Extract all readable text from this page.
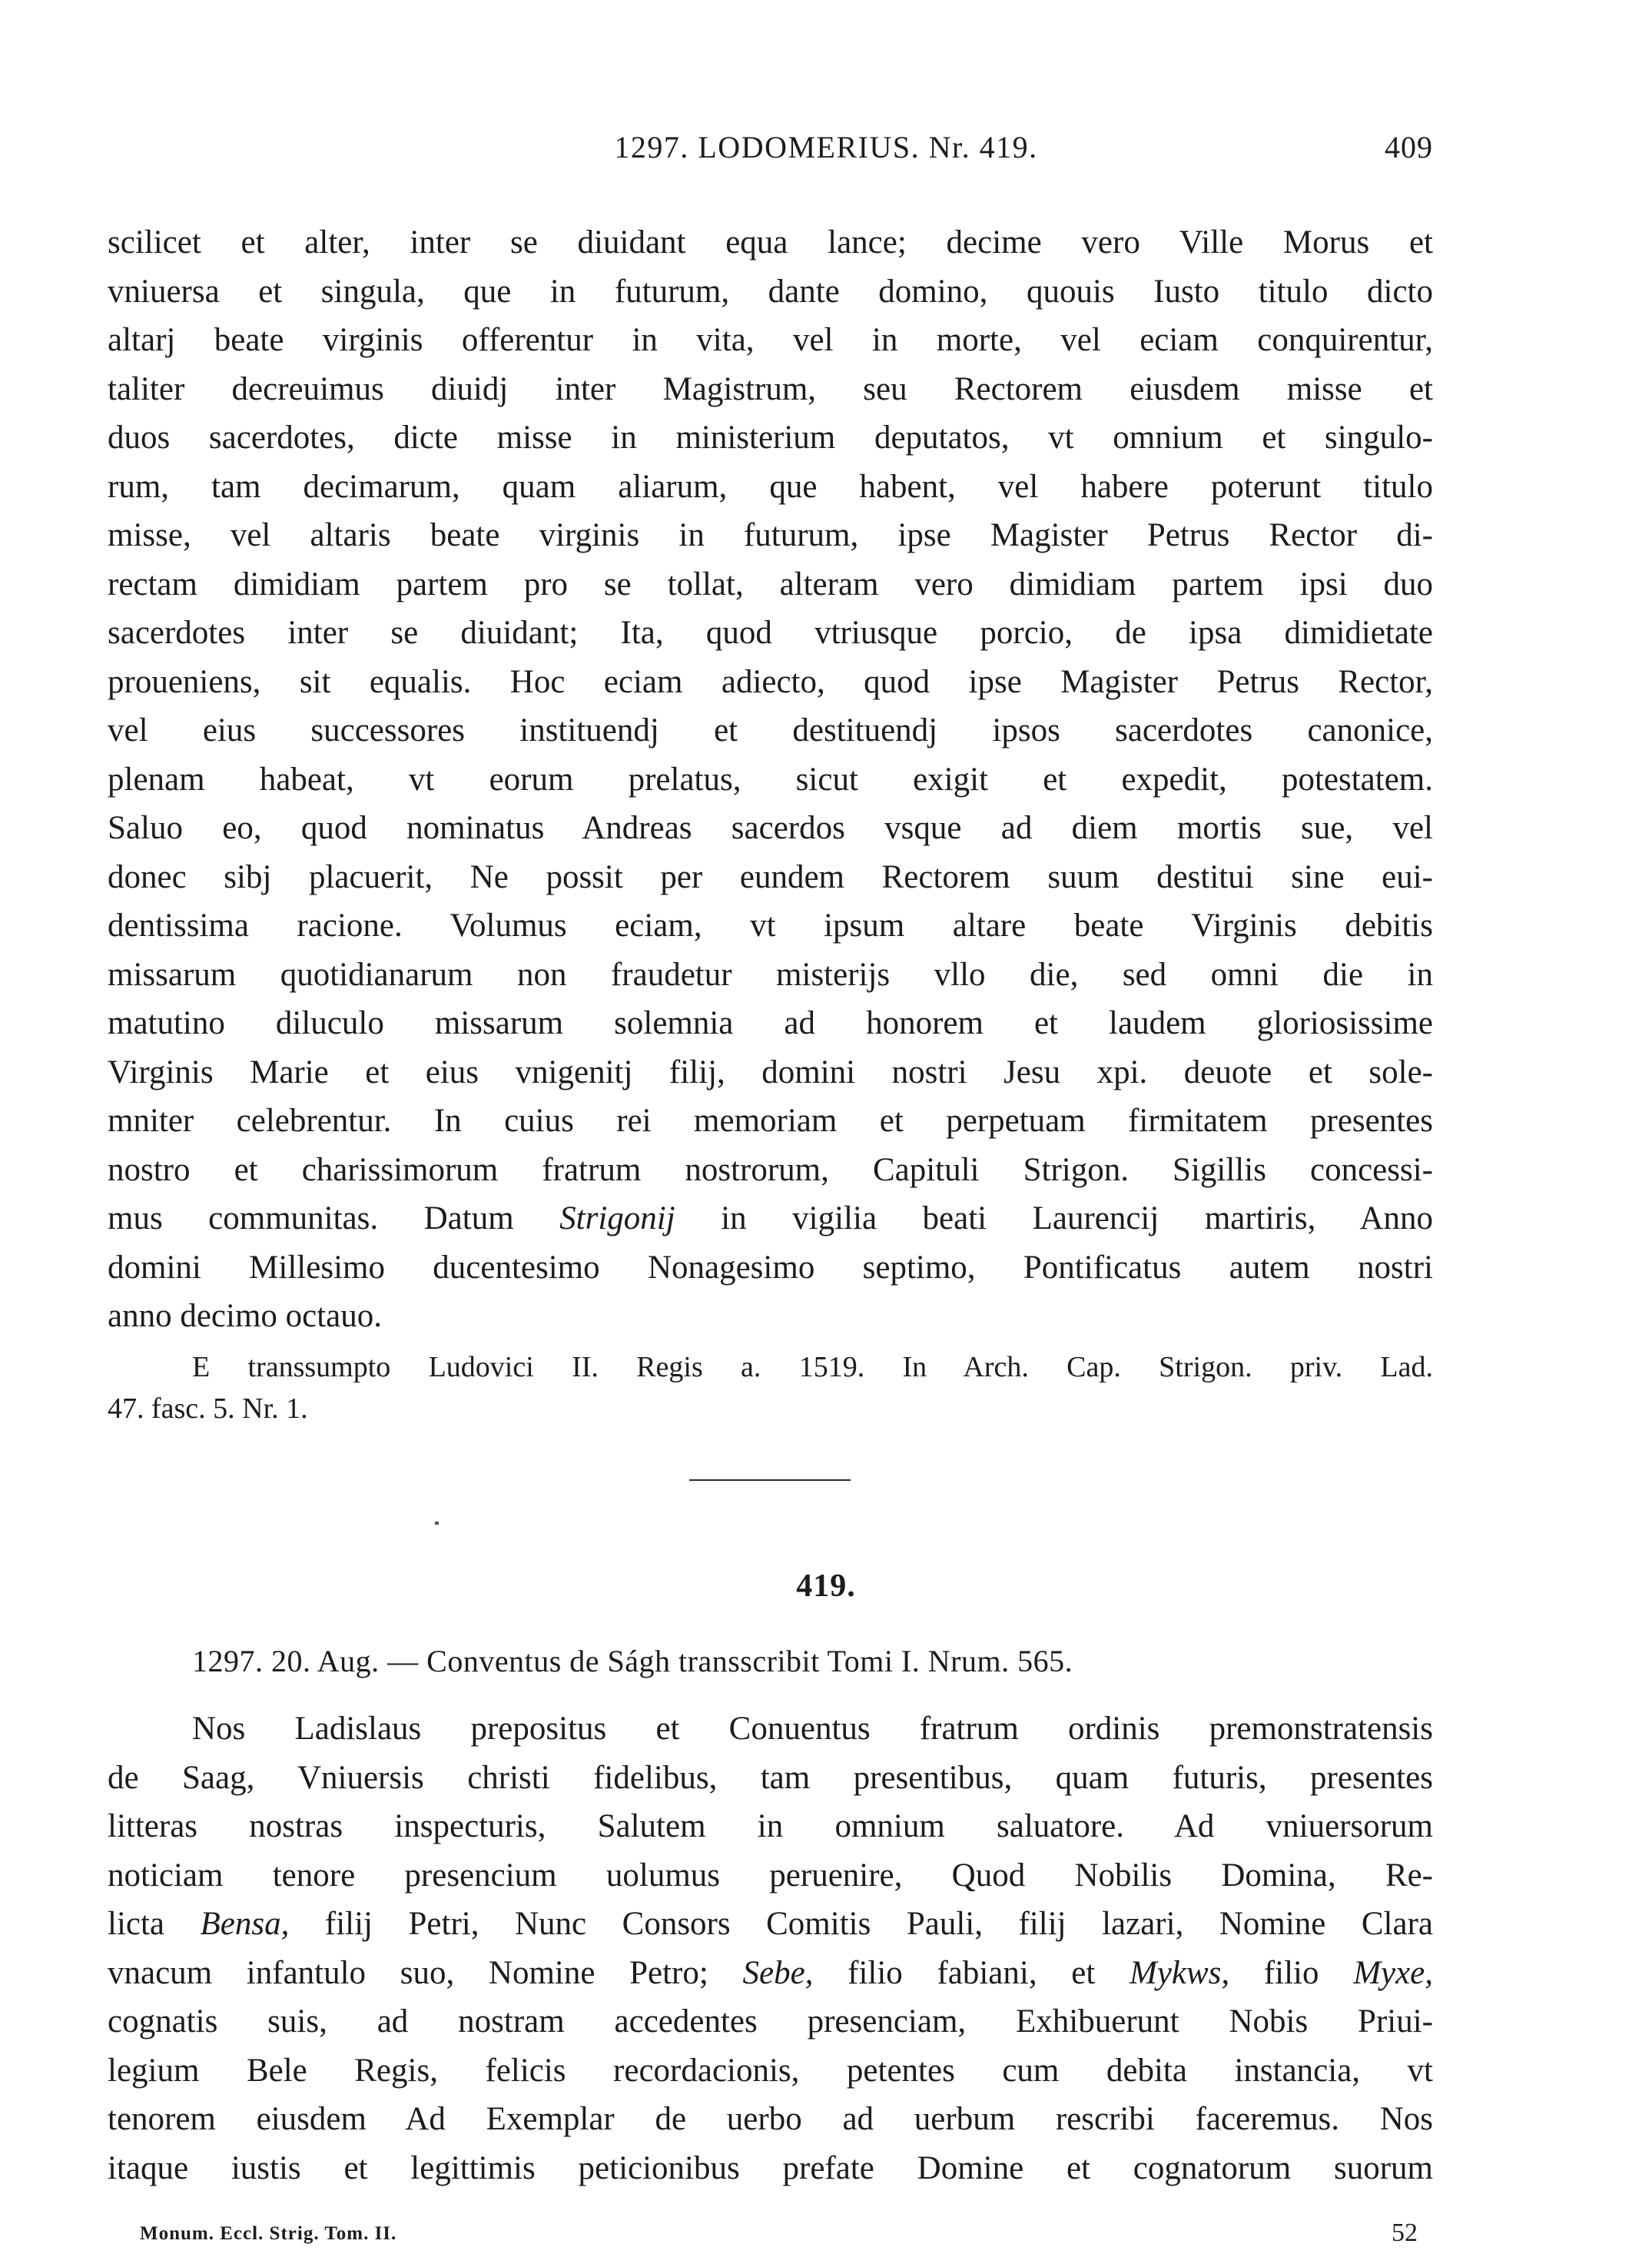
1297. LODOMERIUS. Nr. 419.	409
scilicet et alter, inter se diuidant equa lance; decime vero Ville Morus et
vniuersa et singula, que in futurum, dante domino, quouis Iusto titulo dicto
altarj beate virginis offerentur in vita, vel in morte, vel eciam conquirentur,
taliter decreuimus diuidj inter Magistrum, seu Rectorem eiusdem misse et
duos sacerdotes, dicte misse in ministerium deputatos, vt omnium et singulo-
rum, tam decimarum, quam aliarum, que habent, vel habere poterunt titulo
misse, vel altaris beate virginis in futurum, ipse Magister Petrus Rector di-
rectam dimidiam partem pro se tollat, alteram vero dimidiam partem ipsi duo
sacerdotes inter se diuidant; Ita, quod vtriusque porcio, de ipsa dimidietate
proueniens, sit equalis. Hoc eciam adiecto, quod ipse Magister Petrus Rector,
vel eius successores instituendj et destituendj ipsos sacerdotes canonice,
plenam habeat, vt eorum prelatus, sicut exigit et expedit, potestatem.
Saluo eo, quod nominatus Andreas sacerdos vsque ad diem mortis sue, vel
donec sibj placuerit, Ne possit per eundem Rectorem suum destitui sine eui-
dentissima racione. Volumus eciam, vt ipsum altare beate Virginis debitis
missarum quotidianarum non fraudetur misterijs vllo die, sed omni die in
matutino diluculo missarum solemnia ad honorem et laudem gloriosissime
Virginis Marie et eius vnigenitj filij, domini nostri Jesu xpi. deuote et sole-
mniter celebrentur. In cuius rei memoriam et perpetuam firmitatem presentes
nostro et charissimorum fratrum nostrorum, Capituli Strigon. Sigillis concessi-
mus communitas. Datum Strigonij in vigilia beati Laurencij martiris, Anno
domini Millesimo ducentesimo Nonagesimo septimo, Pontificatus autem nostri
anno decimo octauo.
E transsumpto Ludovici II. Regis a. 1519. In Arch. Cap. Strigon. priv. Lad.
47. fasc. 5. Nr. 1.
419.
1297. 20. Aug. — Conventus de Ságh transscribit Tomi I. Nrum. 565.
Nos Ladislaus prepositus et Conuentus fratrum ordinis premonstratensis
de Saag, Vniuersis christi fidelibus, tam presentibus, quam futuris, presentes
litteras nostras inspecturis, Salutem in omnium saluatore. Ad vniuersorum
noticiam tenore presencium uolumus peruenire, Quod Nobilis Domina, Re-
licta Bensa, filij Petri, Nunc Consors Comitis Pauli, filij lazari, Nomine Clara
vnacum infantulo suo, Nomine Petro; Sebe, filio fabiani, et Mykws, filio Myxe,
cognatis suis, ad nostram accedentes presenciam, Exhibuerunt Nobis Priui-
legium Bele Regis, felicis recordacionis, petentes cum debita instancia, vt
tenorem eiusdem Ad Exemplar de uerbo ad uerbum rescribi faceremus. Nos
itaque iustis et legittimis peticionibus prefate Domine et cognatorum suorum
Monum. Eccl. Strig. Tom. II.	52
